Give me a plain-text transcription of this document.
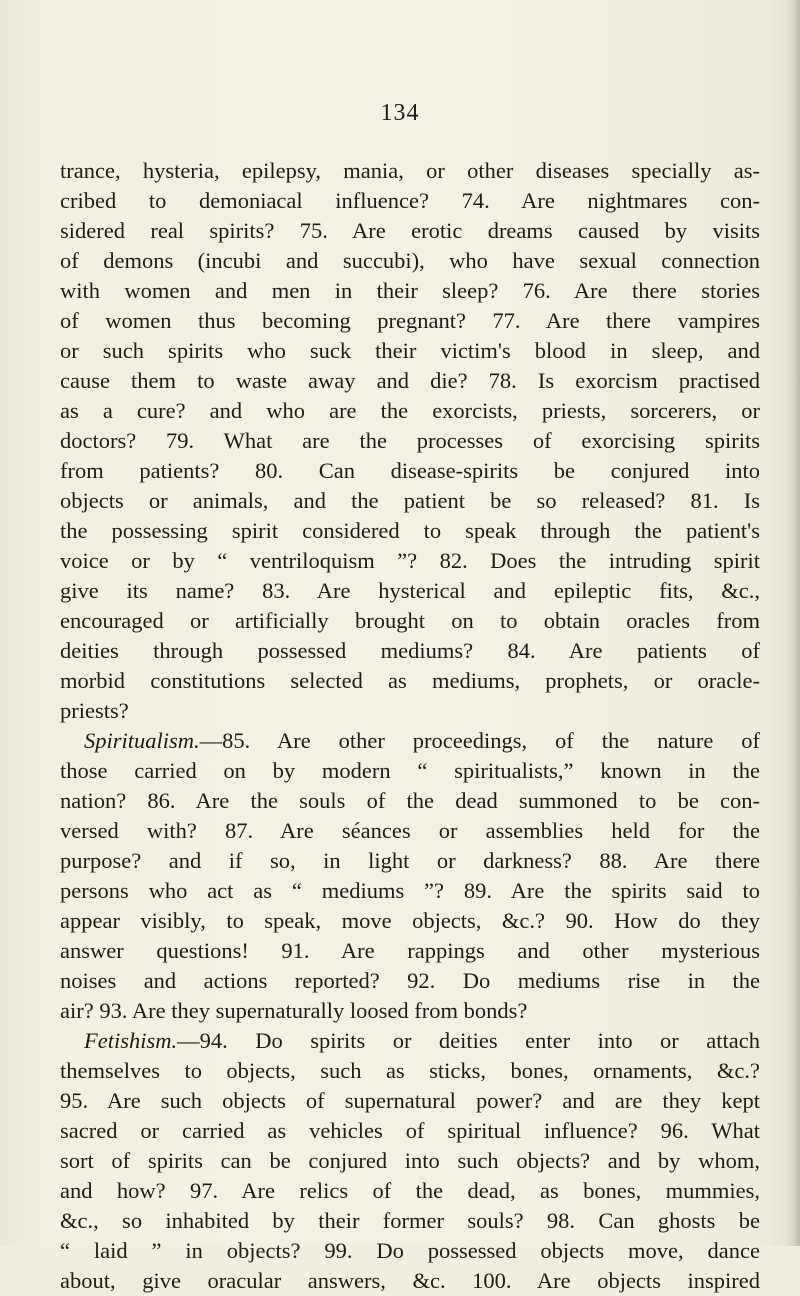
134
trance, hysteria, epilepsy, mania, or other diseases specially as-
cribed to demoniacal influence? 74. Are nightmares con-
sidered real spirits? 75. Are erotic dreams caused by visits
of demons (incubi and succubi), who have sexual connection
with women and men in their sleep? 76. Are there stories
of women thus becoming pregnant? 77. Are there vampires
or such spirits who suck their victim's blood in sleep, and
cause them to waste away and die? 78. Is exorcism practised
as a cure? and who are the exorcists, priests, sorcerers, or
doctors? 79. What are the processes of exorcising spirits
from patients? 80. Can disease-spirits be conjured into
objects or animals, and the patient be so released? 81. Is
the possessing spirit considered to speak through the patient's
voice or by “ ventriloquism ”? 82. Does the intruding spirit
give its name? 83. Are hysterical and epileptic fits, &c.,
encouraged or artificially brought on to obtain oracles from
deities through possessed mediums? 84. Are patients of
morbid constitutions selected as mediums, prophets, or oracle-
priests?
Spiritualism.—85. Are other proceedings, of the nature of
those carried on by modern “ spiritualists,” known in the
nation? 86. Are the souls of the dead summoned to be con-
versed with? 87. Are séances or assemblies held for the
purpose? and if so, in light or darkness? 88. Are there
persons who act as “ mediums ”? 89. Are the spirits said to
appear visibly, to speak, move objects, &c.? 90. How do they
answer questions! 91. Are rappings and other mysterious
noises and actions reported? 92. Do mediums rise in the
air? 93. Are they supernaturally loosed from bonds?
Fetishism.—94. Do spirits or deities enter into or attach
themselves to objects, such as sticks, bones, ornaments, &c.?
95. Are such objects of supernatural power? and are they kept
sacred or carried as vehicles of spiritual influence? 96. What
sort of spirits can be conjured into such objects? and by whom,
and how? 97. Are relics of the dead, as bones, mummies,
&c., so inhabited by their former souls? 98. Can ghosts be
“ laid ” in objects? 99. Do possessed objects move, dance
about, give oracular answers, &c. 100. Are objects inspired
